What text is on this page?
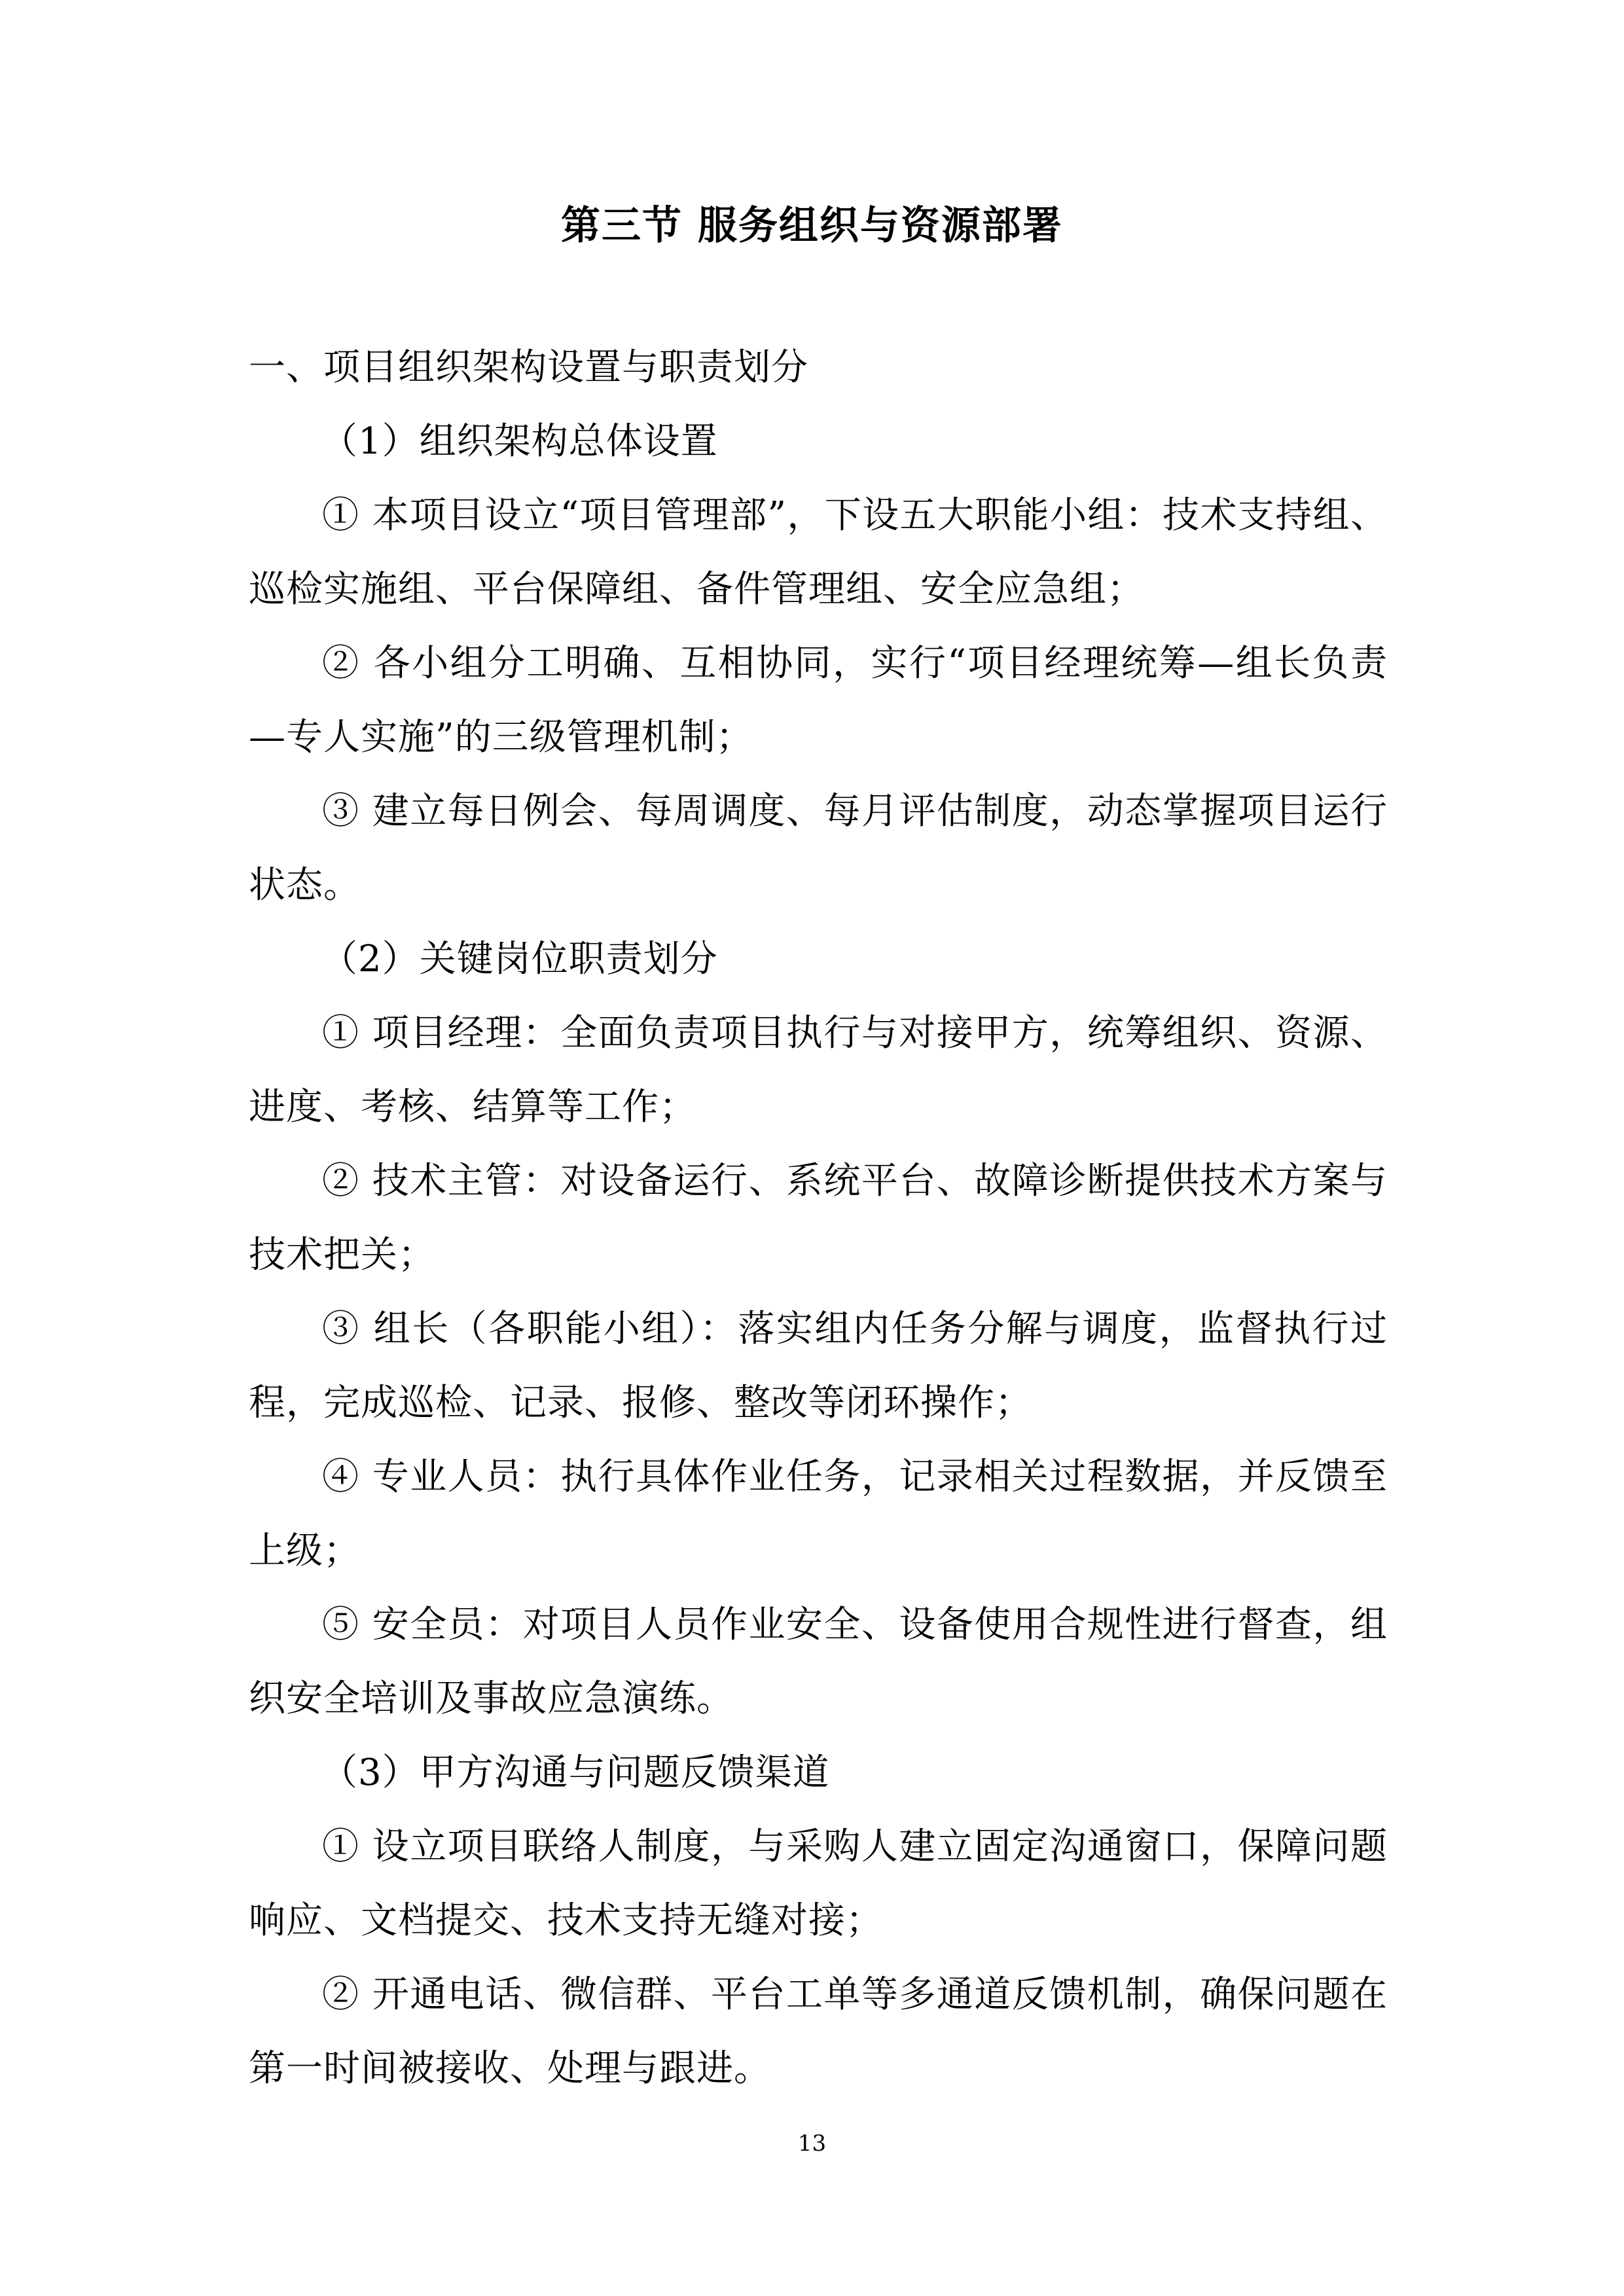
第三节 服务组织与资源部署

一、项目组织架构设置与职责划分

（1）组织架构总体设置

① 本项目设立“项目管理部”，下设五大职能小组：技术支持组、巡检实施组、平台保障组、备件管理组、安全应急组；

② 各小组分工明确、互相协同，实行“项目经理统筹—组长负责—专人实施”的三级管理机制；

③ 建立每日例会、每周调度、每月评估制度，动态掌握项目运行状态。

（2）关键岗位职责划分

① 项目经理：全面负责项目执行与对接甲方，统筹组织、资源、进度、考核、结算等工作；

② 技术主管：对设备运行、系统平台、故障诊断提供技术方案与技术把关；

③ 组长（各职能小组）：落实组内任务分解与调度，监督执行过程，完成巡检、记录、报修、整改等闭环操作；

④ 专业人员：执行具体作业任务，记录相关过程数据，并反馈至上级；

⑤ 安全员：对项目人员作业安全、设备使用合规性进行督查，组织安全培训及事故应急演练。

（3）甲方沟通与问题反馈渠道

① 设立项目联络人制度，与采购人建立固定沟通窗口，保障问题响应、文档提交、技术支持无缝对接；

② 开通电话、微信群、平台工单等多通道反馈机制，确保问题在第一时间被接收、处理与跟进。

13
